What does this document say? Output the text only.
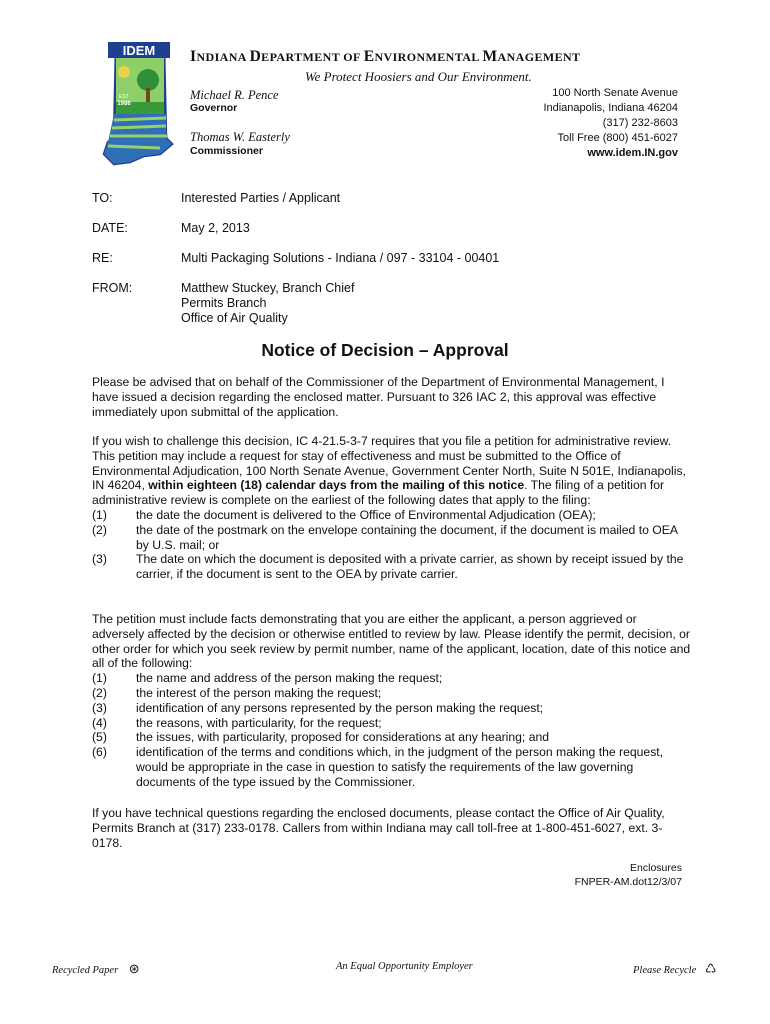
IDEM
EST
1986
INDIANA DEPARTMENT OF ENVIRONMENTAL MANAGEMENT
We Protect Hoosiers and Our Environment.
Michael R. Pence
Governor
Thomas W. Easterly
Commissioner
100 North Senate Avenue
Indianapolis, Indiana 46204
(317) 232-8603
Toll Free (800) 451-6027
www.idem.IN.gov
TO:	Interested Parties / Applicant
DATE:	May 2, 2013
RE:	Multi Packaging Solutions - Indiana / 097 - 33104 - 00401
FROM:	Matthew Stuckey, Branch Chief
Permits Branch
Office of Air Quality
Notice of Decision – Approval

Please be advised that on behalf of the Commissioner of the Department of Environmental Management, I have issued a decision regarding the enclosed matter. Pursuant to 326 IAC 2, this approval was effective immediately upon submittal of the application.

If you wish to challenge this decision, IC 4-21.5-3-7 requires that you file a petition for administrative review. This petition may include a request for stay of effectiveness and must be submitted to the Office of Environmental Adjudication, 100 North Senate Avenue, Government Center North, Suite N 501E, Indianapolis, IN 46204, within eighteen (18) calendar days from the mailing of this notice. The filing of a petition for administrative review is complete on the earliest of the following dates that apply to the filing:

(1)	the date the document is delivered to the Office of Environmental Adjudication (OEA);
(2)	the date of the postmark on the envelope containing the document, if the document is mailed to OEA by U.S. mail; or
(3)	The date on which the document is deposited with a private carrier, as shown by receipt issued by the carrier, if the document is sent to the OEA by private carrier.

The petition must include facts demonstrating that you are either the applicant, a person aggrieved or adversely affected by the decision or otherwise entitled to review by law. Please identify the permit, decision, or other order for which you seek review by permit number, name of the applicant, location, date of this notice and all of the following:

(1)	the name and address of the person making the request;
(2)	the interest of the person making the request;
(3)	identification of any persons represented by the person making the request;
(4)	the reasons, with particularity, for the request;
(5)	the issues, with particularity, proposed for considerations at any hearing; and
(6)	identification of the terms and conditions which, in the judgment of the person making the request, would be appropriate in the case in question to satisfy the requirements of the law governing documents of the type issued by the Commissioner.

If you have technical questions regarding the enclosed documents, please contact the Office of Air Quality, Permits Branch at (317) 233-0178. Callers from within Indiana may call toll-free at 1-800-451-6027, ext. 3-0178.

Enclosures
FNPER-AM.dot12/3/07
Recycled Paper ⊛	An Equal Opportunity Employer	Please Recycle ♺
